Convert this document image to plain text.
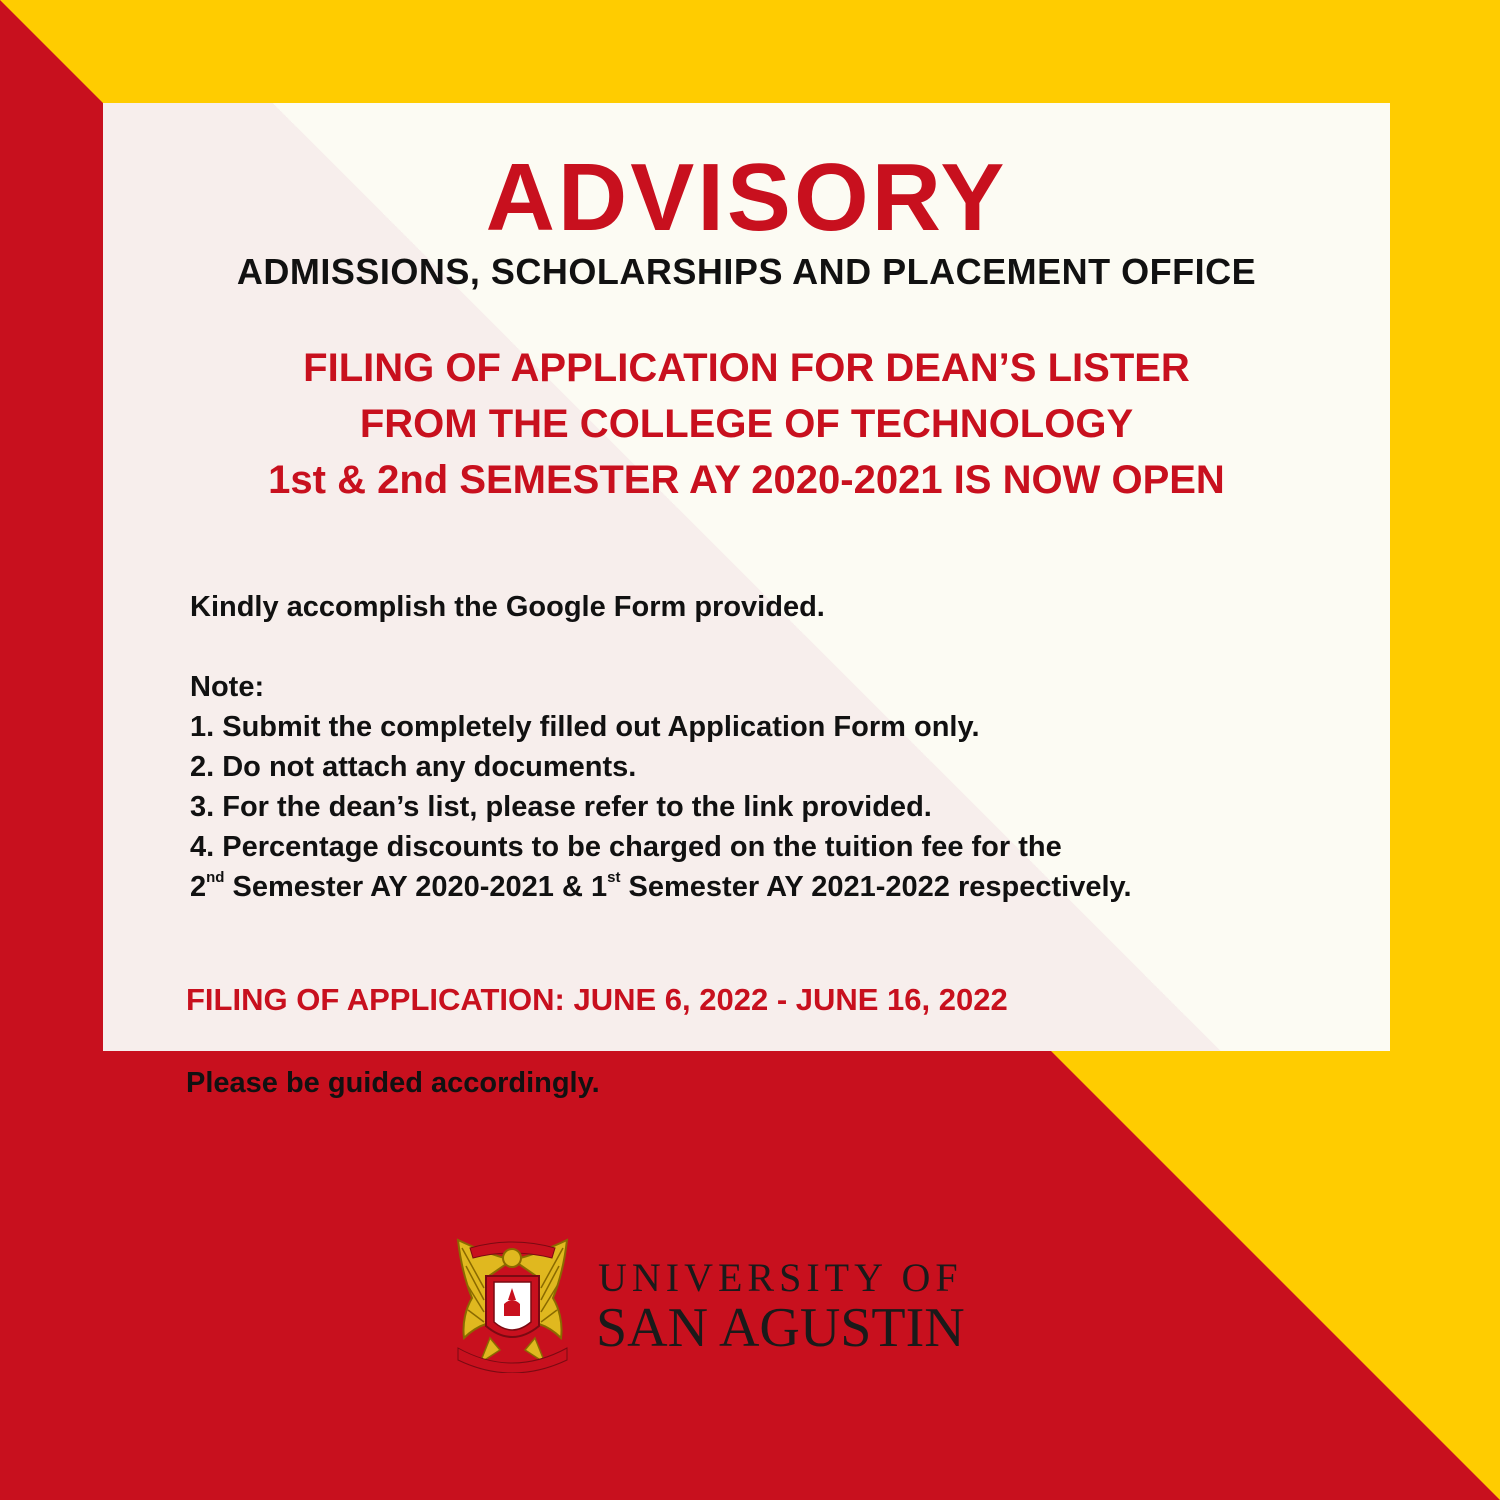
ADVISORY
ADMISSIONS, SCHOLARSHIPS AND PLACEMENT OFFICE
FILING OF APPLICATION FOR DEAN’S LISTER
FROM THE COLLEGE OF TECHNOLOGY
1st & 2nd SEMESTER AY 2020-2021 IS NOW OPEN
Kindly accomplish the Google Form provided.
Note:
1. Submit the completely filled out Application Form only.
2. Do not attach any documents.
3. For the dean’s list, please refer to the link provided.
4. Percentage discounts to be charged on the tuition fee for the
2nd Semester AY 2020-2021 & 1st Semester AY 2021-2022 respectively.
FILING OF APPLICATION: JUNE 6, 2022 - JUNE 16, 2022
Please be guided accordingly.
UNIVERSITY OF
SAN AGUSTIN
